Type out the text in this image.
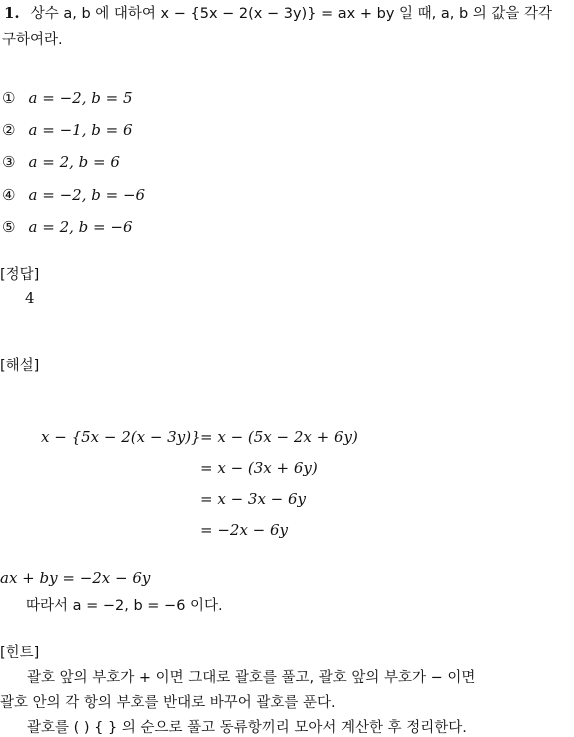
1. 상수 a, b 에 대하여 x − {5x − 2(x − 3y)} = ax + by 일 때, a, b 의 값을 각각
구하여라.
① a = −2, b = 5
② a = −1, b = 6
③ a = 2, b = 6
④ a = −2, b = −6
⑤ a = 2, b = −6
[정답]
4
[해설]
x − {5x − 2(x − 3y)} = x − (5x − 2x + 6y)
= x − (3x + 6y)
= x − 3x − 6y
= −2x − 6y
ax + by = −2x − 6y
따라서 a = −2, b = −6 이다.
[힌트]
괄호 앞의 부호가 + 이면 그대로 괄호를 풀고, 괄호 앞의 부호가 − 이면
괄호 안의 각 항의 부호를 반대로 바꾸어 괄호를 푼다.
괄호를 ( ) { } 의 순으로 풀고 동류항끼리 모아서 계산한 후 정리한다.
